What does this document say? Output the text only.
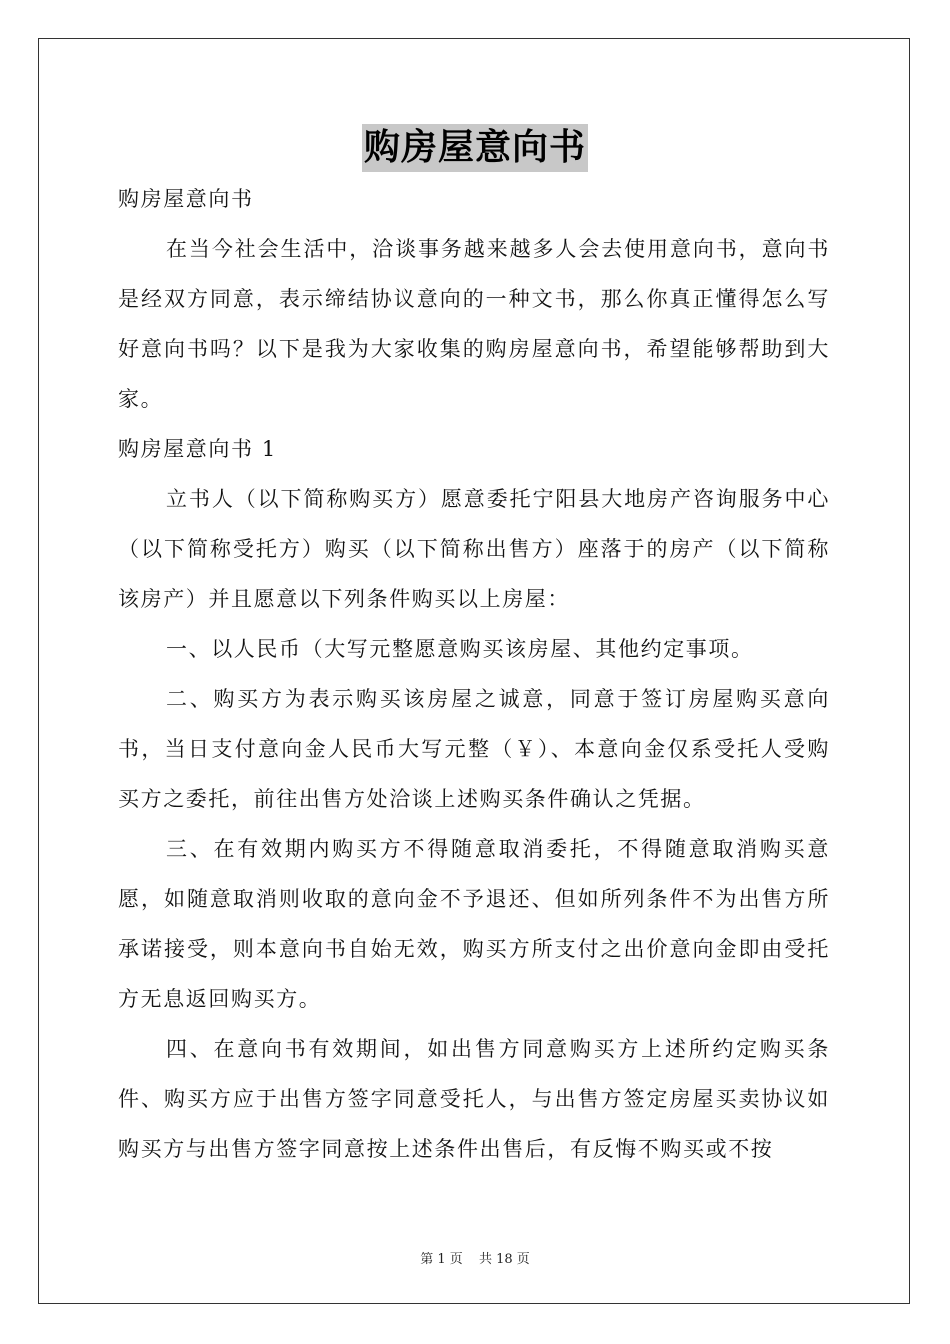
购房屋意向书

购房屋意向书

在当今社会生活中，洽谈事务越来越多人会去使用意向书，意向书是经双方同意，表示缔结协议意向的一种文书，那么你真正懂得怎么写好意向书吗？以下是我为大家收集的购房屋意向书，希望能够帮助到大家。

购房屋意向书 1

立书人（以下简称购买方）愿意委托宁阳县大地房产咨询服务中心（以下简称受托方）购买（以下简称出售方）座落于的房产（以下简称该房产）并且愿意以下列条件购买以上房屋：

一、以人民币（大写元整愿意购买该房屋、其他约定事项。

二、购买方为表示购买该房屋之诚意，同意于签订房屋购买意向书，当日支付意向金人民币大写元整（￥）、本意向金仅系受托人受购买方之委托，前往出售方处洽谈上述购买条件确认之凭据。

三、在有效期内购买方不得随意取消委托，不得随意取消购买意愿，如随意取消则收取的意向金不予退还、但如所列条件不为出售方所承诺接受，则本意向书自始无效，购买方所支付之出价意向金即由受托方无息返回购买方。

四、在意向书有效期间，如出售方同意购买方上述所约定购买条件、购买方应于出售方签字同意受托人，与出售方签定房屋买卖协议如购买方与出售方签字同意按上述条件出售后，有反悔不购买或不按

第 1 页 共 18 页
